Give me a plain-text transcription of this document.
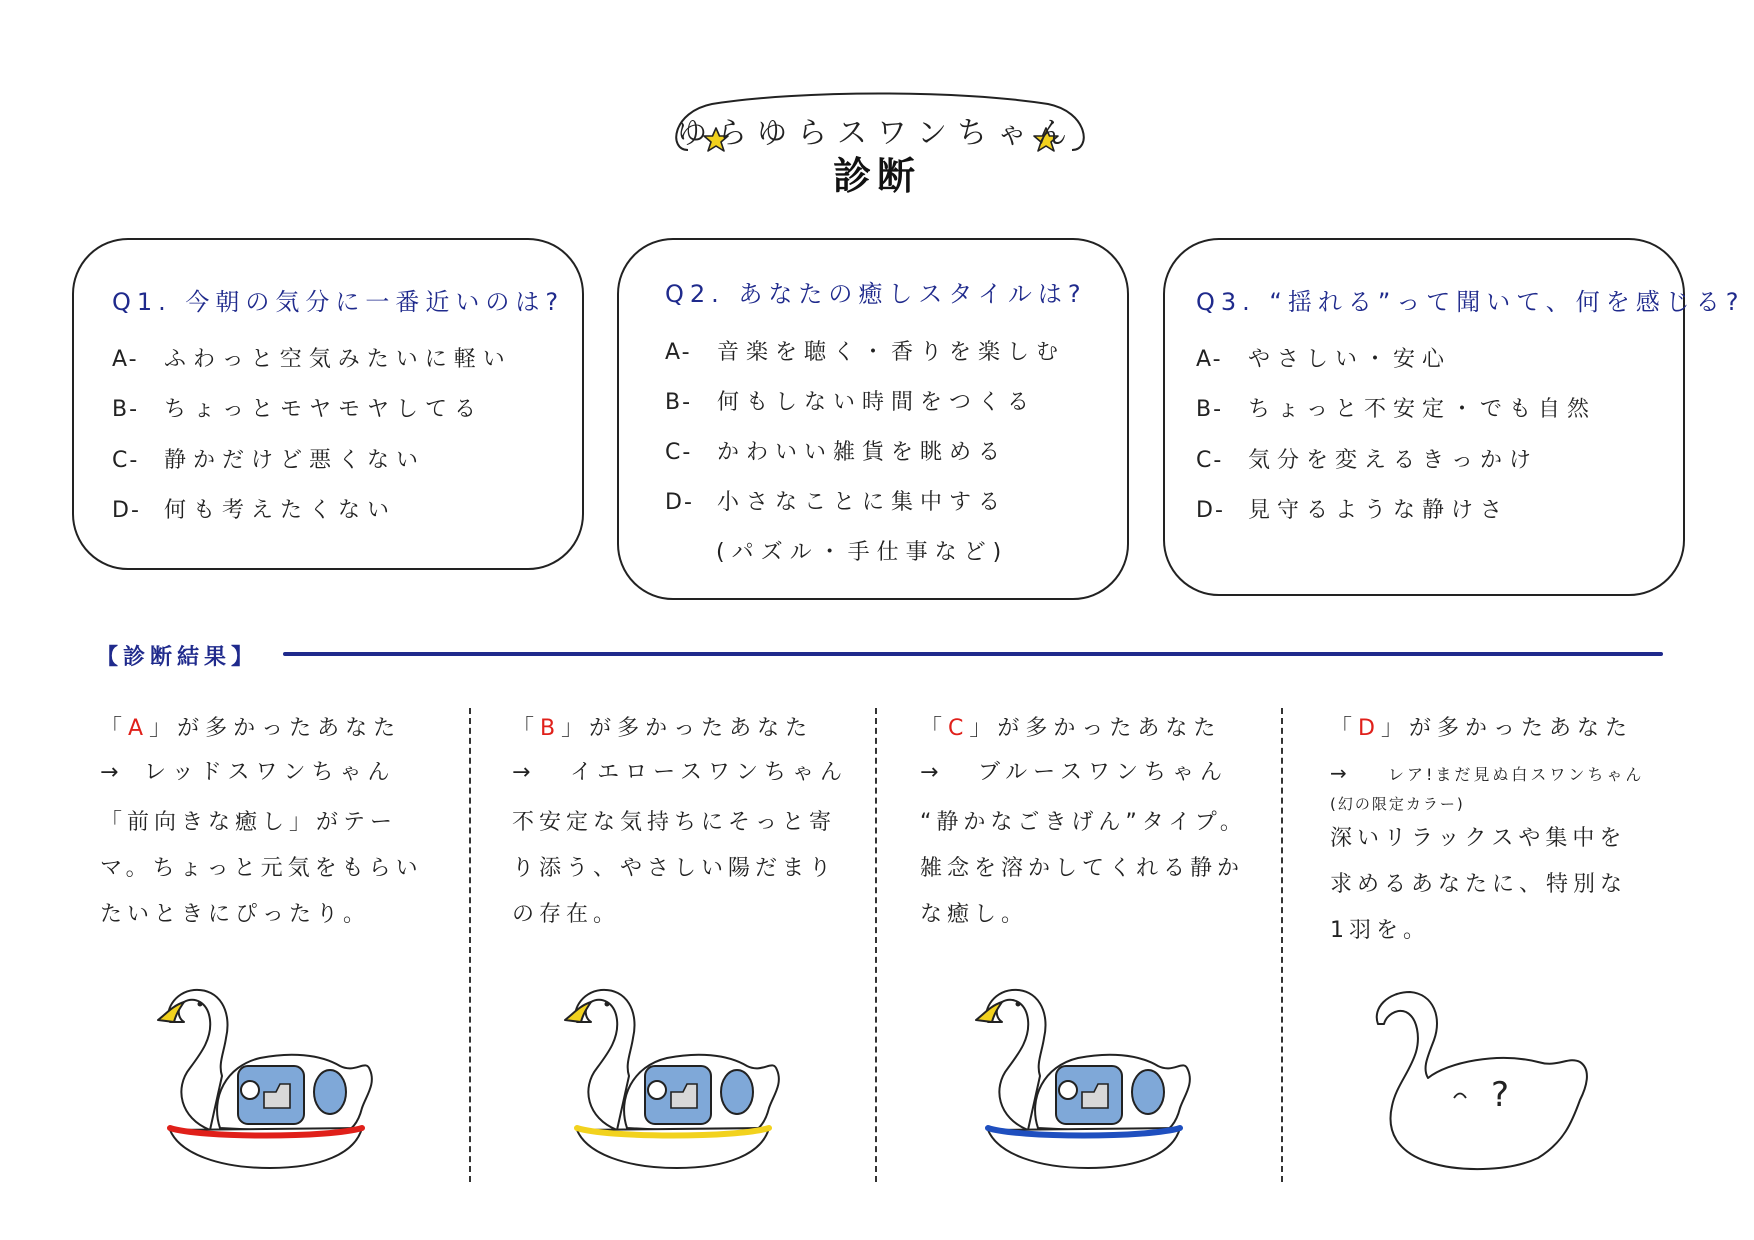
ゆらゆらスワンちゃん
診断
Q1. 今朝の気分に一番近いのは?
A- ふわっと空気みたいに軽い
B- ちょっとモヤモヤしてる
C- 静かだけど悪くない
D- 何も考えたくない
Q2. あなたの癒しスタイルは?
A- 音楽を聴く・香りを楽しむ
B- 何もしない時間をつくる
C- かわいい雑貨を眺める
D- 小さなことに集中する
(パズル・手仕事など)
Q3. “揺れる”って聞いて、何を感じる?
A- やさしい・安心
B- ちょっと不安定・でも自然
C- 気分を変えるきっかけ
D- 見守るような静けさ
【診断結果】
「A」が多かったあなた
→ レッドスワンちゃん
「前向きな癒し」がテーマ。ちょっと元気をもらいたいときにぴったり。
「B」が多かったあなた
→ イエロースワンちゃん
不安定な気持ちにそっと寄り添う、やさしい陽だまりの存在。
「C」が多かったあなた
→ ブルースワンちゃん
“静かなごきげん”タイプ。雑念を溶かしてくれる静かな癒し。
「D」が多かったあなた
→ レア!まだ見ぬ白スワンちゃん
(幻の限定カラー)
深いリラックスや集中を求めるあなたに、特別な1羽を。
?
